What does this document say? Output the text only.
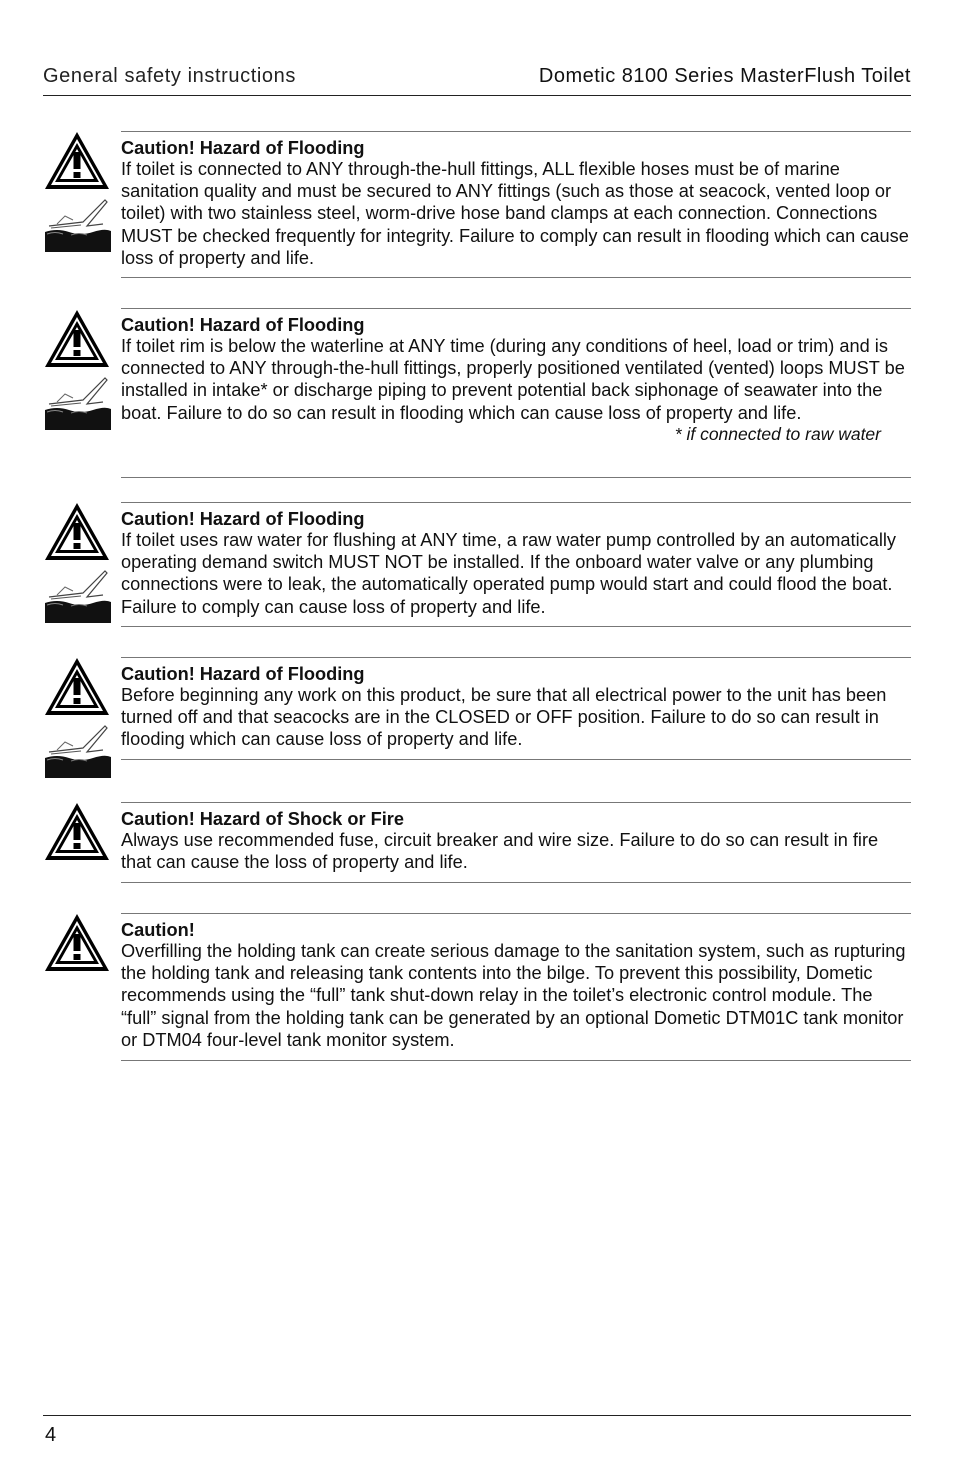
General safety instructions	Dometic 8100 Series MasterFlush Toilet
Caution! Hazard of Flooding
If toilet is connected to ANY through-the-hull fittings, ALL flexible hoses must be of marine sanitation quality and must be secured to ANY fittings (such as those at seacock, vented loop or toilet) with two stainless steel, worm-drive hose band clamps at each connection. Connections MUST be checked frequently for integrity. Failure to comply can result in flooding which can cause loss of property and life.
Caution! Hazard of Flooding
If toilet rim is below the waterline at ANY time (during any conditions of heel, load or trim) and is connected to ANY through-the-hull fittings, properly positioned ventilated (vented) loops MUST be installed in intake* or discharge piping to prevent potential back siphonage of seawater into the boat. Failure to do so can result in flooding which can cause loss of property and life.
* if connected to raw water
Caution! Hazard of Flooding
If toilet uses raw water for flushing at ANY time, a raw water pump controlled by an automatically operating demand switch MUST NOT be installed. If the onboard water valve or any plumbing connections were to leak, the automatically operated pump would start and could flood the boat. Failure to comply can cause loss of property and life.
Caution! Hazard of Flooding
Before beginning any work on this product, be sure that all electrical power to the unit has been turned off and that seacocks are in the CLOSED or OFF position. Failure to do so can result in flooding which can cause loss of property and life.
Caution! Hazard of Shock or Fire
Always use recommended fuse, circuit breaker and wire size. Failure to do so can result in fire that can cause the loss of property and life.
Caution!
Overfilling the holding tank can create serious damage to the sanitation system, such as rupturing the holding tank and releasing tank contents into the bilge. To prevent this possibility, Dometic recommends using the “full” tank shut-down relay in the toilet’s electronic control module. The “full” signal from the holding tank can be generated by an optional Dometic DTM01C tank monitor or DTM04 four-level tank monitor system.
4
